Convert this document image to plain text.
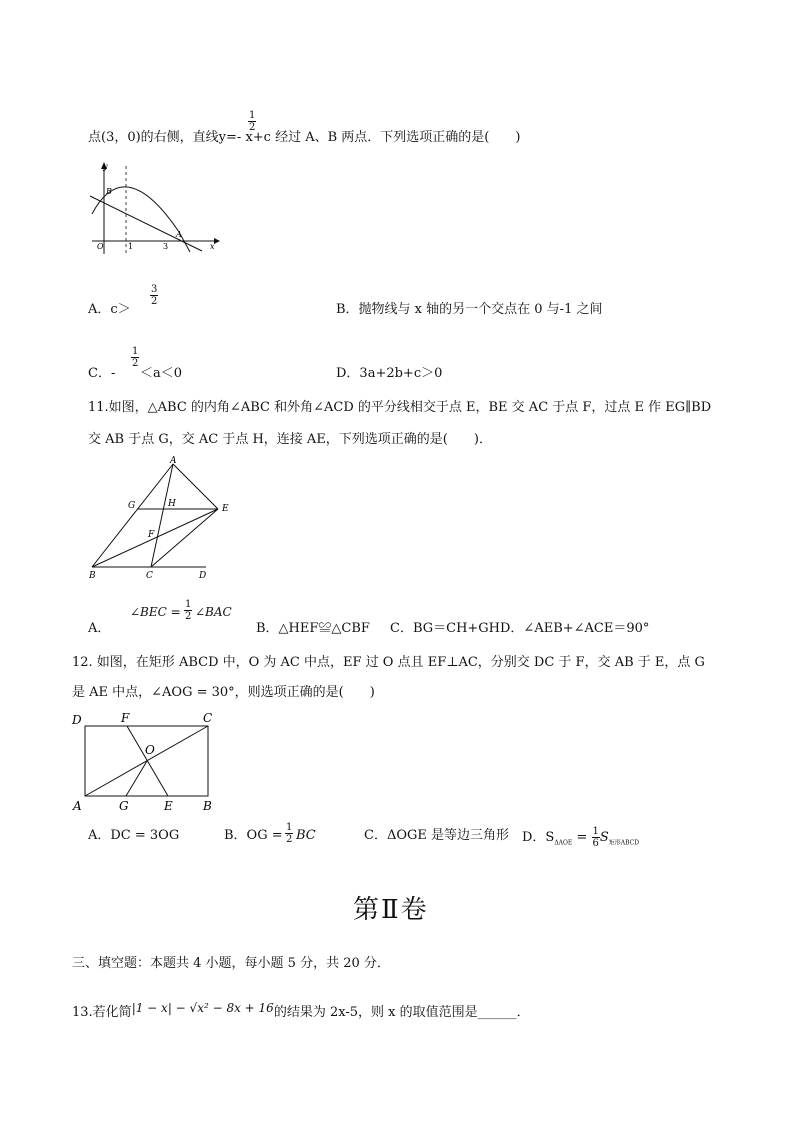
点(3，0)的右侧，直线y=- x+c 经过 A、B 两点．下列选项正确的是(　　)
$\frac{1}{2}$
y
B
A
O	1	3	x
A．c＞
$\frac{3}{2}$
B．抛物线与 x 轴的另一个交点在 0 与-1 之间
C．-
$\frac{1}{2}$
＜a＜0	D．3a+2b+c＞0
11.如图，△ABC 的内角∠ABC 和外角∠ACD 的平分线相交于点 E，BE 交 AC 于点 F，过点 E 作 EG∥BD
交 AB 于点 G，交 AC 于点 H，连接 AE，下列选项正确的是(　　)．
A
G	H	E
F
B	C	D
A．
∠BEC = $\frac{1}{2}$ ∠BAC
B．△HEF≌△CBF C．BG＝CH+GH D．∠AEB+∠ACE＝90°
12. 如图，在矩形 ABCD 中，O 为 AC 中点，EF 过 O 点且 EF⊥AC，分别交 DC 于 F，交 AB 于 E，点 G
是 AE 中点，∠AOG = 30°，则选项正确的是(　　)
D	F	C
O
A	G	E	B
A．DC = 3OG	B．OG = $\frac{1}{2}$ BC	C．ΔOGE 是等边三角形 D．$S_{\Delta AOE} = \frac{1}{6} S_{矩形ABCD}$
第Ⅱ卷
三、填空题：本题共 4 小题，每小题 5 分，共 20 分．
13.若化简|1 − x| − √x² − 8x + 16的结果为 2x-5，则 x 的取值范围是______．
